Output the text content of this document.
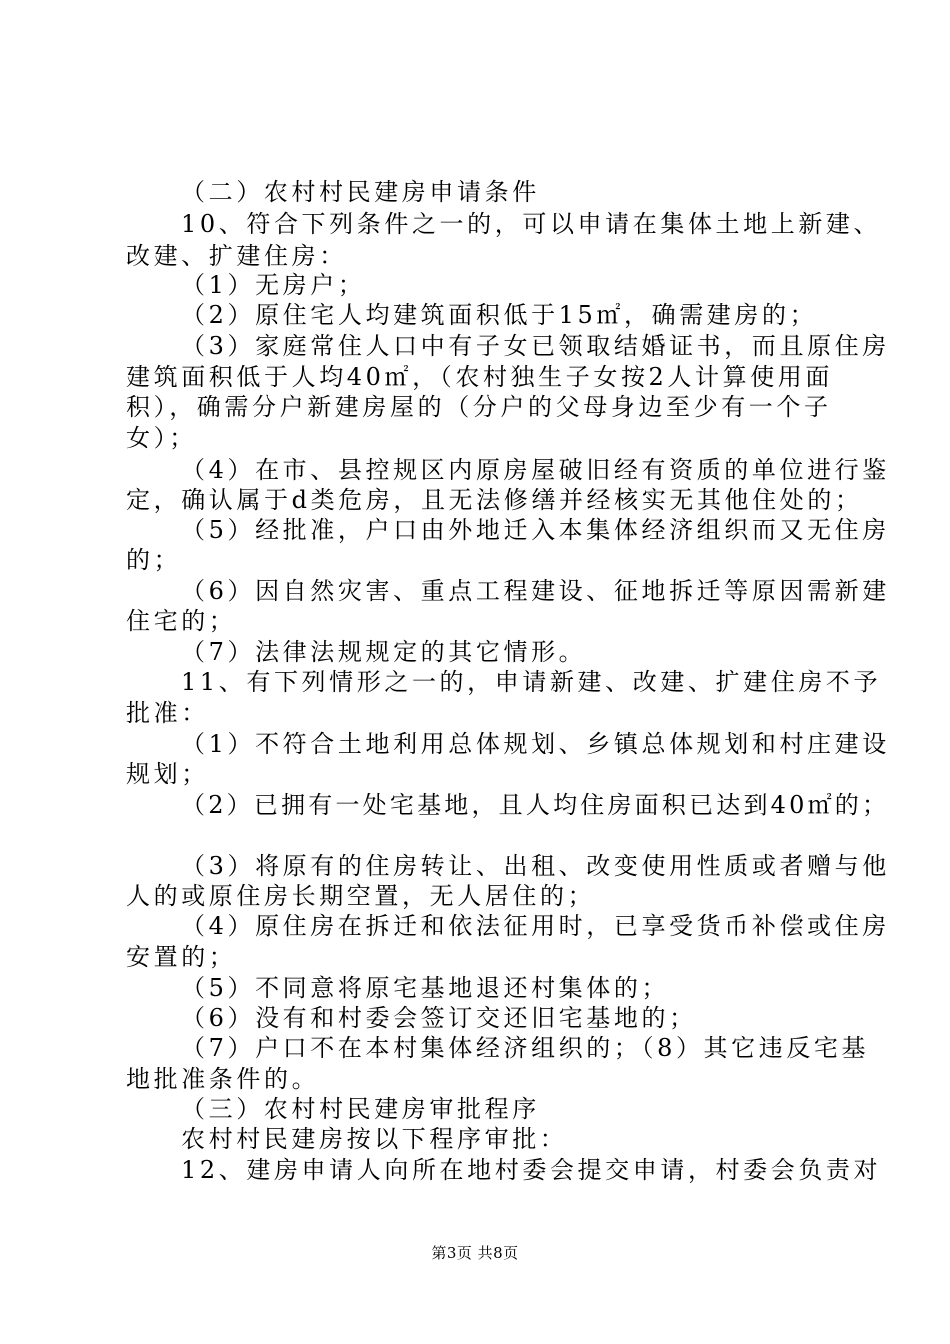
（二）农村村民建房申请条件
10、符合下列条件之一的，可以申请在集体土地上新建、
改建、扩建住房：
（1）无房户；
（2）原住宅人均建筑面积低于15㎡，确需建房的；
（3）家庭常住人口中有子女已领取结婚证书，而且原住房
建筑面积低于人均40㎡，（农村独生子女按2人计算使用面
积），确需分户新建房屋的（分户的父母身边至少有一个子
女）；
（4）在市、县控规区内原房屋破旧经有资质的单位进行鉴
定，确认属于d类危房，且无法修缮并经核实无其他住处的；
（5）经批准，户口由外地迁入本集体经济组织而又无住房
的；
（6）因自然灾害、重点工程建设、征地拆迁等原因需新建
住宅的；
（7）法律法规规定的其它情形。
11、有下列情形之一的，申请新建、改建、扩建住房不予
批准：
（1）不符合土地利用总体规划、乡镇总体规划和村庄建设
规划；
（2）已拥有一处宅基地，且人均住房面积已达到40㎡的；
（3）将原有的住房转让、出租、改变使用性质或者赠与他
人的或原住房长期空置，无人居住的；
（4）原住房在拆迁和依法征用时，已享受货币补偿或住房
安置的；
（5）不同意将原宅基地退还村集体的；
（6）没有和村委会签订交还旧宅基地的；
（7）户口不在本村集体经济组织的；（8）其它违反宅基
地批准条件的。
（三）农村村民建房审批程序
农村村民建房按以下程序审批：
12、建房申请人向所在地村委会提交申请，村委会负责对
第3页 共8页
